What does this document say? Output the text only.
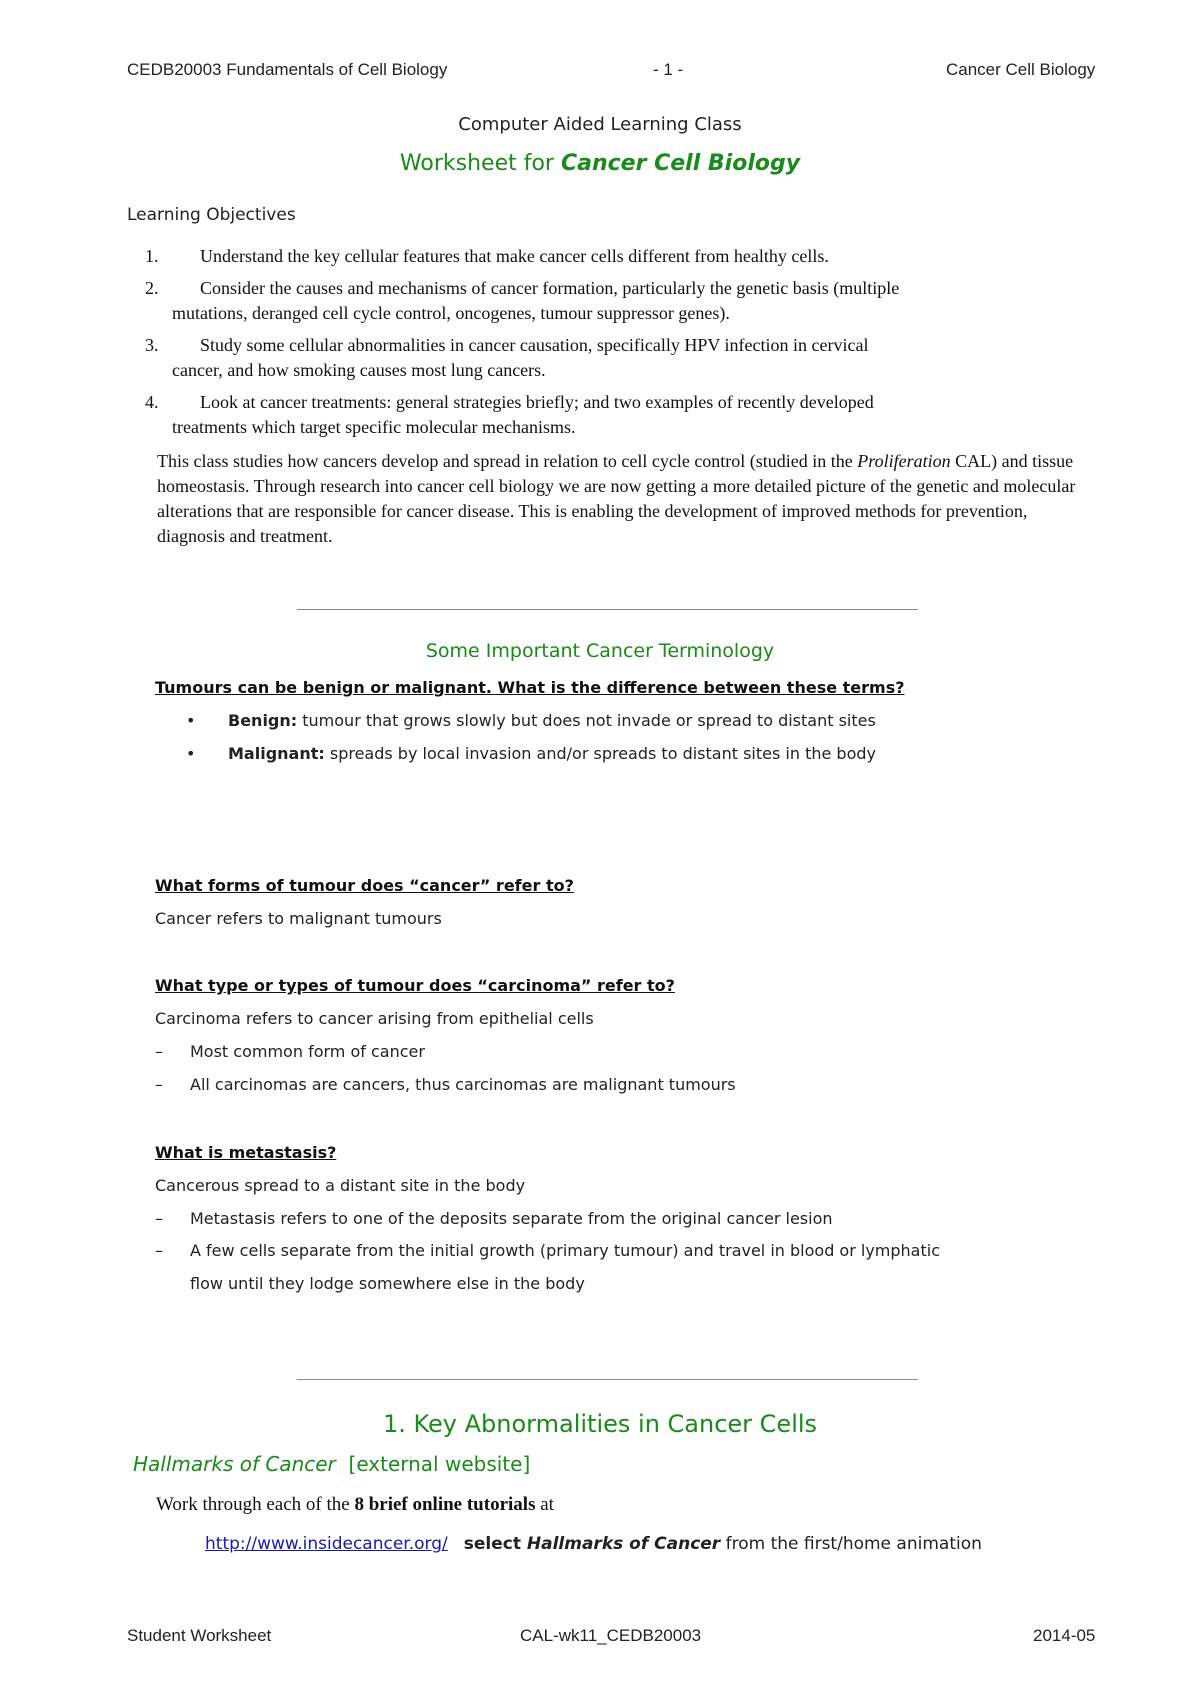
CEDB20003 Fundamentals of Cell Biology	- 1 -	Cancer Cell Biology
Computer Aided Learning Class
Worksheet for Cancer Cell Biology
Learning Objectives
1.	Understand the key cellular features that make cancer cells different from healthy cells.
2.	Consider the causes and mechanisms of cancer formation, particularly the genetic basis (multiple
mutations, deranged cell cycle control, oncogenes, tumour suppressor genes).
3.	Study some cellular abnormalities in cancer causation, specifically HPV infection in cervical
cancer, and how smoking causes most lung cancers.
4.	Look at cancer treatments: general strategies briefly; and two examples of recently developed
treatments which target specific molecular mechanisms.
This class studies how cancers develop and spread in relation to cell cycle control (studied in the Proliferation CAL) and tissue homeostasis. Through research into cancer cell biology we are now getting a more detailed picture of the genetic and molecular alterations that are responsible for cancer disease. This is enabling the development of improved methods for prevention, diagnosis and treatment.
Some Important Cancer Terminology
Tumours can be benign or malignant. What is the difference between these terms?
• Benign: tumour that grows slowly but does not invade or spread to distant sites
• Malignant: spreads by local invasion and/or spreads to distant sites in the body
What forms of tumour does “cancer” refer to?
Cancer refers to malignant tumours
What type or types of tumour does “carcinoma” refer to?
Carcinoma refers to cancer arising from epithelial cells
– Most common form of cancer
– All carcinomas are cancers, thus carcinomas are malignant tumours
What is metastasis?
Cancerous spread to a distant site in the body
– Metastasis refers to one of the deposits separate from the original cancer lesion
– A few cells separate from the initial growth (primary tumour) and travel in blood or lymphatic
flow until they lodge somewhere else in the body
1. Key Abnormalities in Cancer Cells
Hallmarks of Cancer  [external website]
Work through each of the 8 brief online tutorials at
http://www.insidecancer.org/ select Hallmarks of Cancer from the first/home animation
Student Worksheet	CAL-wk11_CEDB20003	2014-05
